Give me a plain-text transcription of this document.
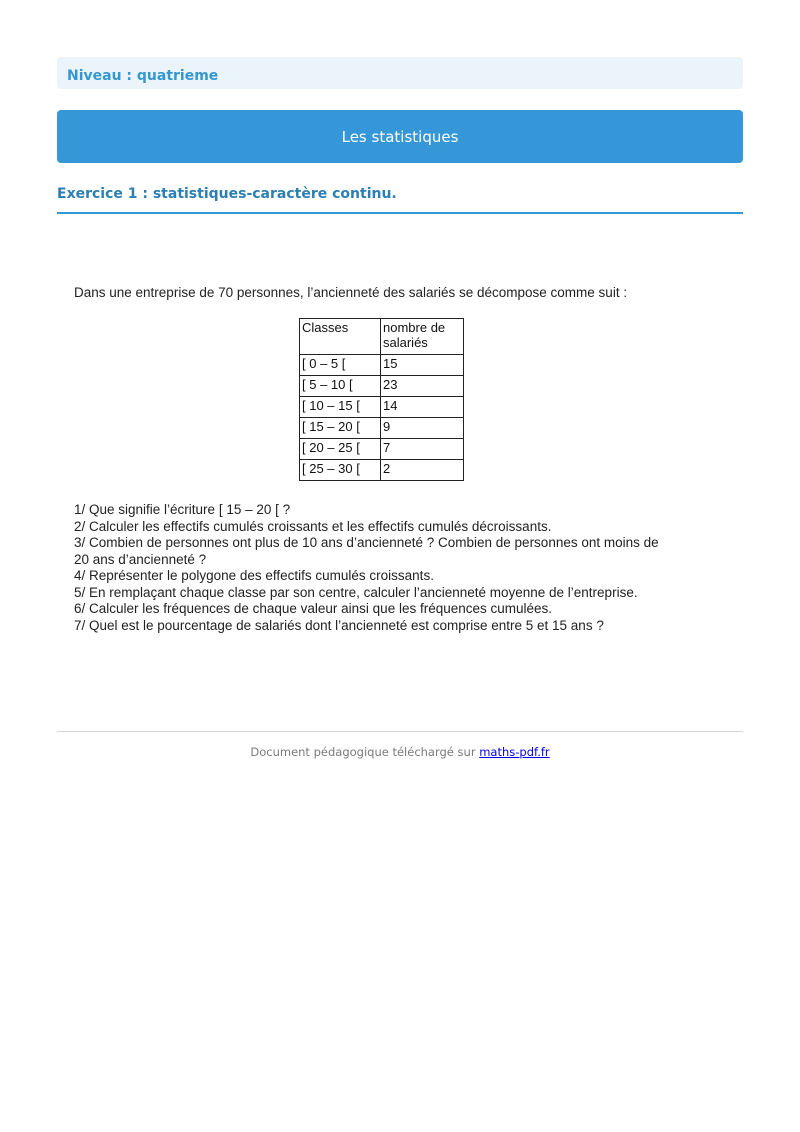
Niveau : quatrieme
Les statistiques
Exercice 1 : statistiques-caractère continu.
Dans une entreprise de 70 personnes, l’ancienneté des salariés se décompose comme suit :
Classes	nombre de salariés
[ 0 – 5 [	15
[ 5 – 10 [	23
[ 10 – 15 [	14
[ 15 – 20 [	9
[ 20 – 25 [	7
[ 25 – 30 [	2

1/ Que signifie l’écriture [ 15 – 20 [ ?

2/ Calculer les effectifs cumulés croissants et les effectifs cumulés décroissants.

3/ Combien de personnes ont plus de 10 ans d’ancienneté ? Combien de personnes ont moins de 20 ans d’ancienneté ?

4/ Représenter le polygone des effectifs cumulés croissants.

5/ En remplaçant chaque classe par son centre, calculer l’ancienneté moyenne de l’entreprise.

6/ Calculer les fréquences de chaque valeur ainsi que les fréquences cumulées.

7/ Quel est le pourcentage de salariés dont l’ancienneté est comprise entre 5 et 15 ans ?

Document pédagogique téléchargé sur maths-pdf.fr
